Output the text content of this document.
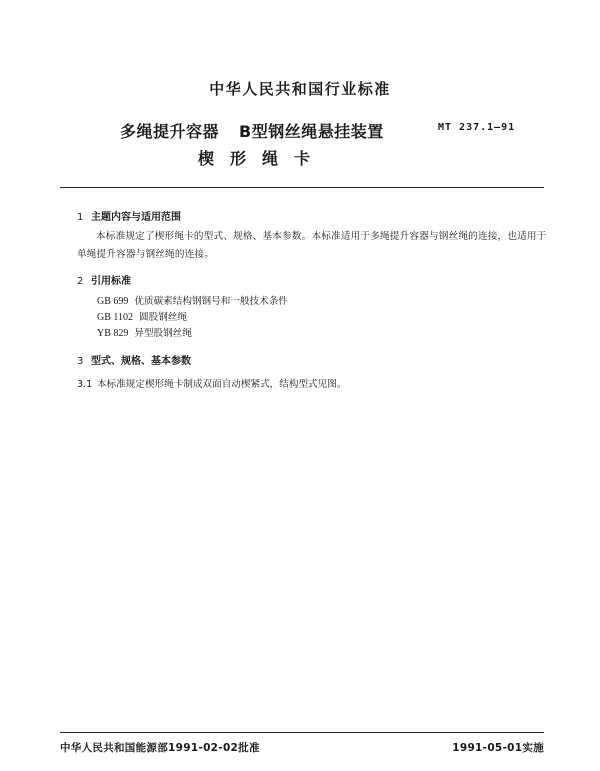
中华人民共和国行业标准
多绳提升容器 B型钢丝绳悬挂装置	MT 237.1—91
楔形绳卡
1 主题内容与适用范围
本标准规定了楔形绳卡的型式、规格、基本参数。本标准适用于多绳提升容器与钢丝绳的连接，也适用于单绳提升容器与钢丝绳的连接。
2 引用标准
GB 699 优质碳素结构钢钢号和一般技术条件
GB 1102 圆股钢丝绳
YB 829 异型股钢丝绳
3 型式、规格、基本参数
3.1 本标准规定楔形绳卡制成双面自动楔紧式，结构型式见图。
中华人民共和国能源部1991-02-02批准	1991-05-01实施
